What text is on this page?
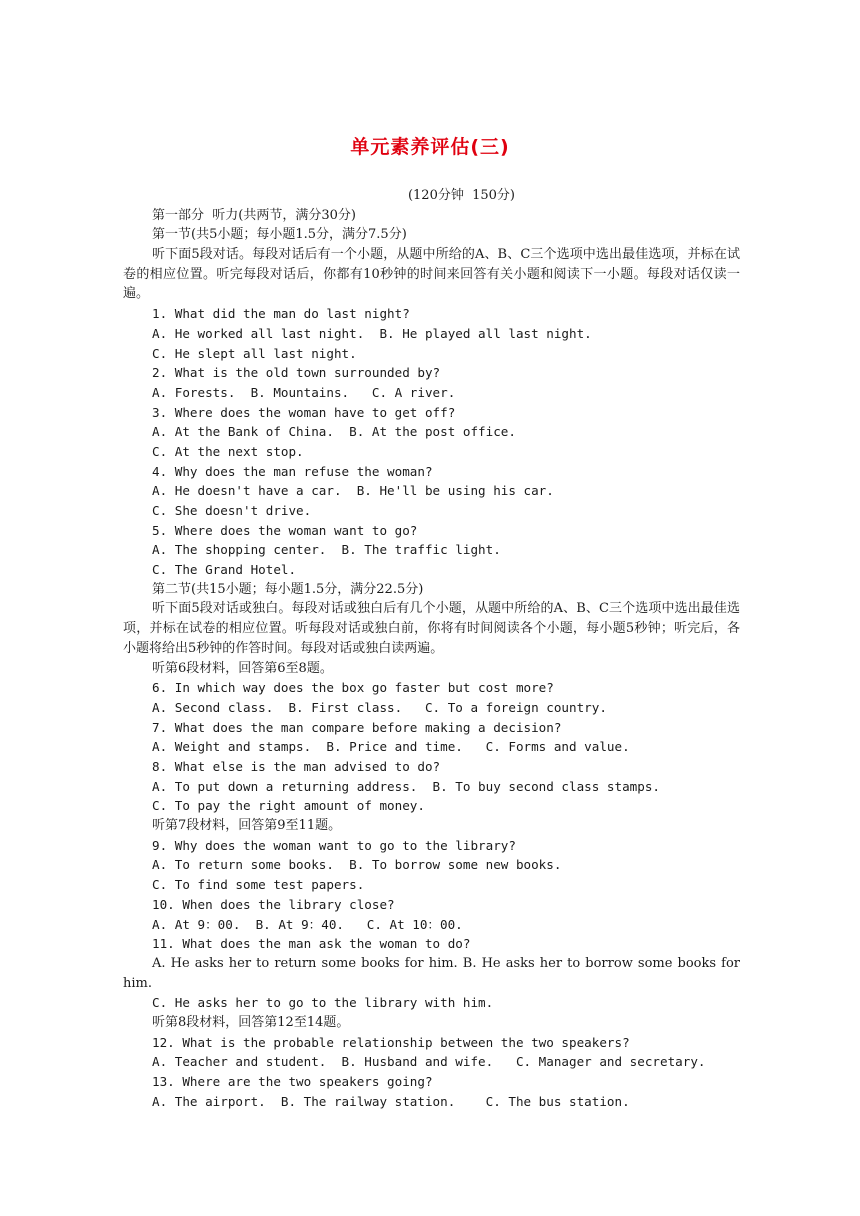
单元素养评估(三)
(120分钟  150分)
第一部分  听力(共两节，满分30分)
第一节(共5小题；每小题1.5分，满分7.5分)
听下面5段对话。每段对话后有一个小题，从题中所给的A、B、C三个选项中选出最佳选项，并标在试卷的相应位置。听完每段对话后，你都有10秒钟的时间来回答有关小题和阅读下一小题。每段对话仅读一遍。
1. What did the man do last night?
A. He worked all last night.  B. He played all last night.
C. He slept all last night.
2. What is the old town surrounded by?
A. Forests.  B. Mountains.   C. A river.
3. Where does the woman have to get off?
A. At the Bank of China.  B. At the post office.
C. At the next stop.
4. Why does the man refuse the woman?
A. He doesn't have a car.  B. He'll be using his car.
C. She doesn't drive.
5. Where does the woman want to go?
A. The shopping center.  B. The traffic light.
C. The Grand Hotel.
第二节(共15小题；每小题1.5分，满分22.5分)
听下面5段对话或独白。每段对话或独白后有几个小题，从题中所给的A、B、C三个选项中选出最佳选项，并标在试卷的相应位置。听每段对话或独白前，你将有时间阅读各个小题，每小题5秒钟；听完后，各小题将给出5秒钟的作答时间。每段对话或独白读两遍。
听第6段材料，回答第6至8题。
6. In which way does the box go faster but cost more?
A. Second class.  B. First class.   C. To a foreign country.
7. What does the man compare before making a decision?
A. Weight and stamps.  B. Price and time.   C. Forms and value.
8. What else is the man advised to do?
A. To put down a returning address.  B. To buy second class stamps.
C. To pay the right amount of money.
听第7段材料，回答第9至11题。
9. Why does the woman want to go to the library?
A. To return some books.  B. To borrow some new books.
C. To find some test papers.
10. When does the library close?
A. At 9：00.  B. At 9：40.   C. At 10：00.
11. What does the man ask the woman to do?
A. He asks her to return some books for him. B. He asks her to borrow some books for him.
C. He asks her to go to the library with him.
听第8段材料，回答第12至14题。
12. What is the probable relationship between the two speakers?
A. Teacher and student.  B. Husband and wife.   C. Manager and secretary.
13. Where are the two speakers going?
A. The airport.  B. The railway station.    C. The bus station.
